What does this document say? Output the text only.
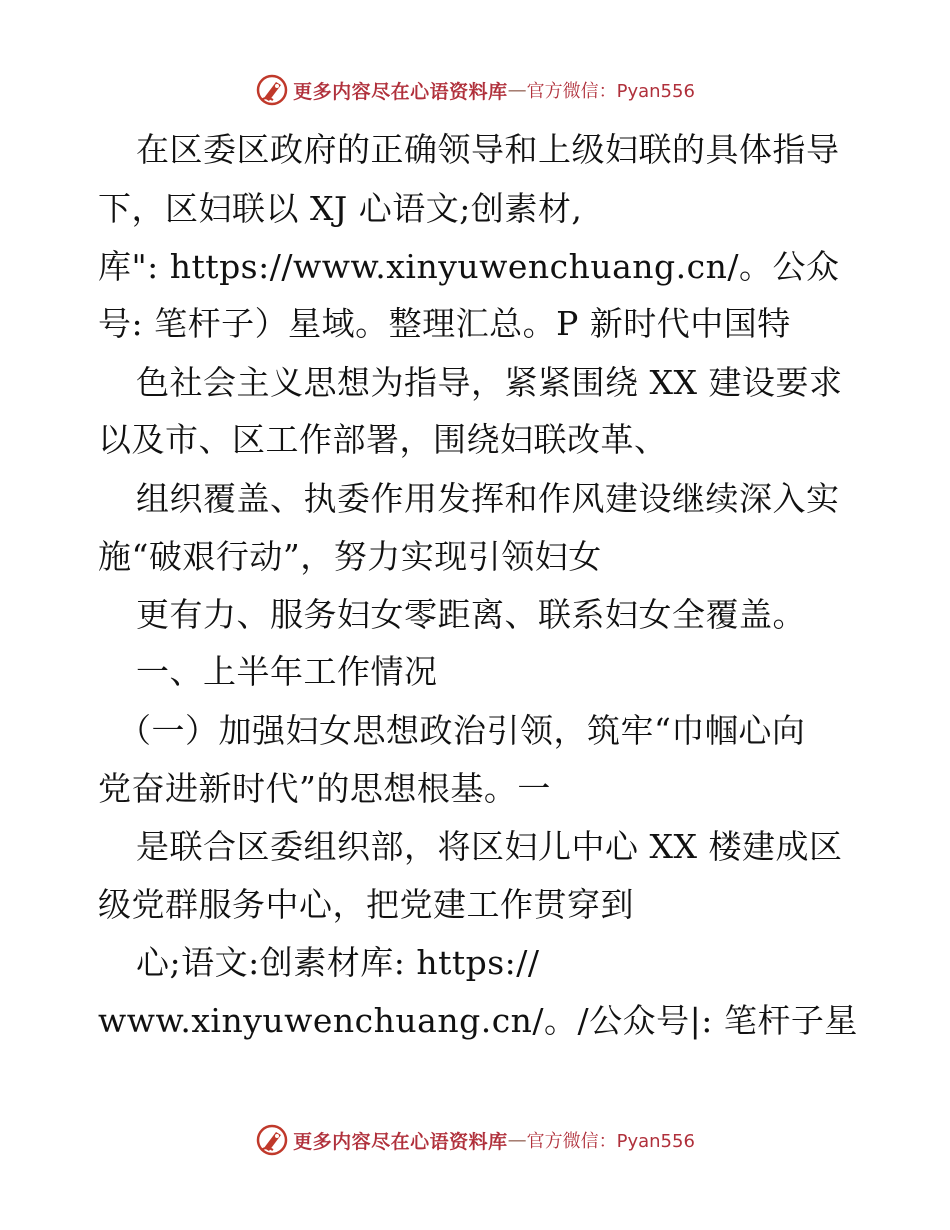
更多内容尽在心语资料库 — 官方微信：Pyan556
在区委区政府的正确领导和上级妇联的具体指导
下，区妇联以 XJ 心语文;创素材,
库": https://www.xinyuwenchuang.cn/。公众
号: 笔杆子）星域。整理汇总。P 新时代中国特
色社会主义思想为指导，紧紧围绕 XX 建设要求
以及市、区工作部署，围绕妇联改革、
组织覆盖、执委作用发挥和作风建设继续深入实
施“破艰行动”，努力实现引领妇女
更有力、服务妇女零距离、联系妇女全覆盖。
一、上半年工作情况
（一）加强妇女思想政治引领，筑牢“巾帼心向
党奋进新时代”的思想根基。一
是联合区委组织部，将区妇儿中心 XX 楼建成区
级党群服务中心，把党建工作贯穿到
心;语文:创素材库: https://
www.xinyuwenchuang.cn/。/公众号|: 笔杆子星
更多内容尽在心语资料库 — 官方微信：Pyan556
